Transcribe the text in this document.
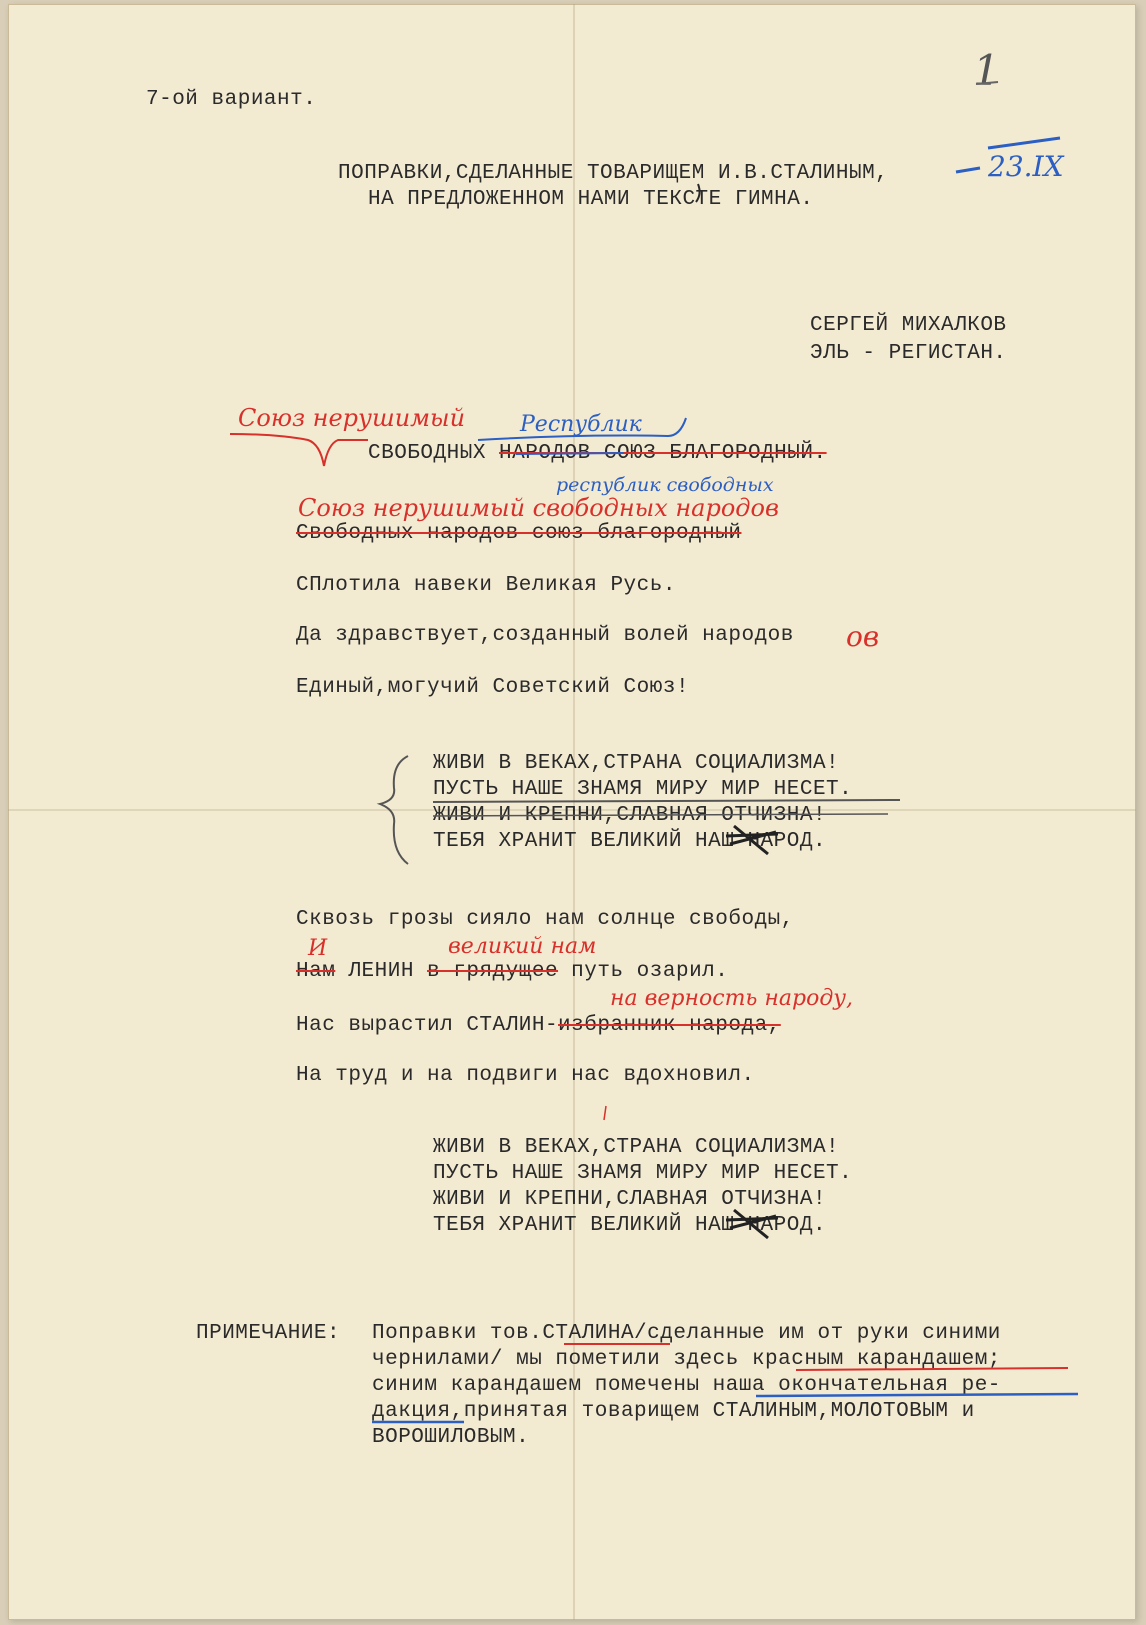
1
7-ой вариант.
ПОПРАВКИ,СДЕЛАННЫЕ ТОВАРИЩЕМ И.В.СТАЛИНЫМ,
НА ПРЕДЛОЖЕННОМ НАМИ ТЕКСТЕ ГИМНА.
23.IX
СЕРГЕЙ МИХАЛКОВ
ЭЛЬ - РЕГИСТАН.
Союз нерушимый Республик
СВОБОДНЫХ НАРОДОВ СОЮЗ БЛАГОРОДНЫЙ.
республик свободных
Союз нерушимый свободных народов
Свободных народов союз благородный
СПлотила навеки Великая Русь.
Да здравствует,созданный волей народов ов
Единый,могучий Советский Союз!
ЖИВИ В ВЕКАХ,СТРАНА СОЦИАЛИЗМА!
ПУСТЬ НАШЕ ЗНАМЯ МИРУ МИР НЕСЕТ.
ЖИВИ И КРЕПНИ,СЛАВНАЯ ОТЧИЗНА!
ТЕБЯ ХРАНИТ ВЕЛИКИЙ НАШ НАРОД.
Сквозь грозы сияло нам солнце свободы,
И	великий нам
Нам ЛЕНИН в грядущее путь озарил.
на верность народу,
Нас вырастил СТАЛИН-избранник народа,
На труд и на подвиги нас вдохновил.
ЖИВИ В ВЕКАХ,СТРАНА СОЦИАЛИЗМА!
ПУСТЬ НАШЕ ЗНАМЯ МИРУ МИР НЕСЕТ.
ЖИВИ И КРЕПНИ,СЛАВНАЯ ОТЧИЗНА!
ТЕБЯ ХРАНИТ ВЕЛИКИЙ НАШ НАРОД.
ПРИМЕЧАНИЕ: Поправки тов.СТАЛИНА/сделанные им от руки синими
чернилами/ мы пометили здесь красным карандашем;
синим карандашем помечены наша окончательная ре-
дакция,принятая товарищем СТАЛИНЫМ,МОЛОТОВЫМ и
ВОРОШИЛОВЫМ.
